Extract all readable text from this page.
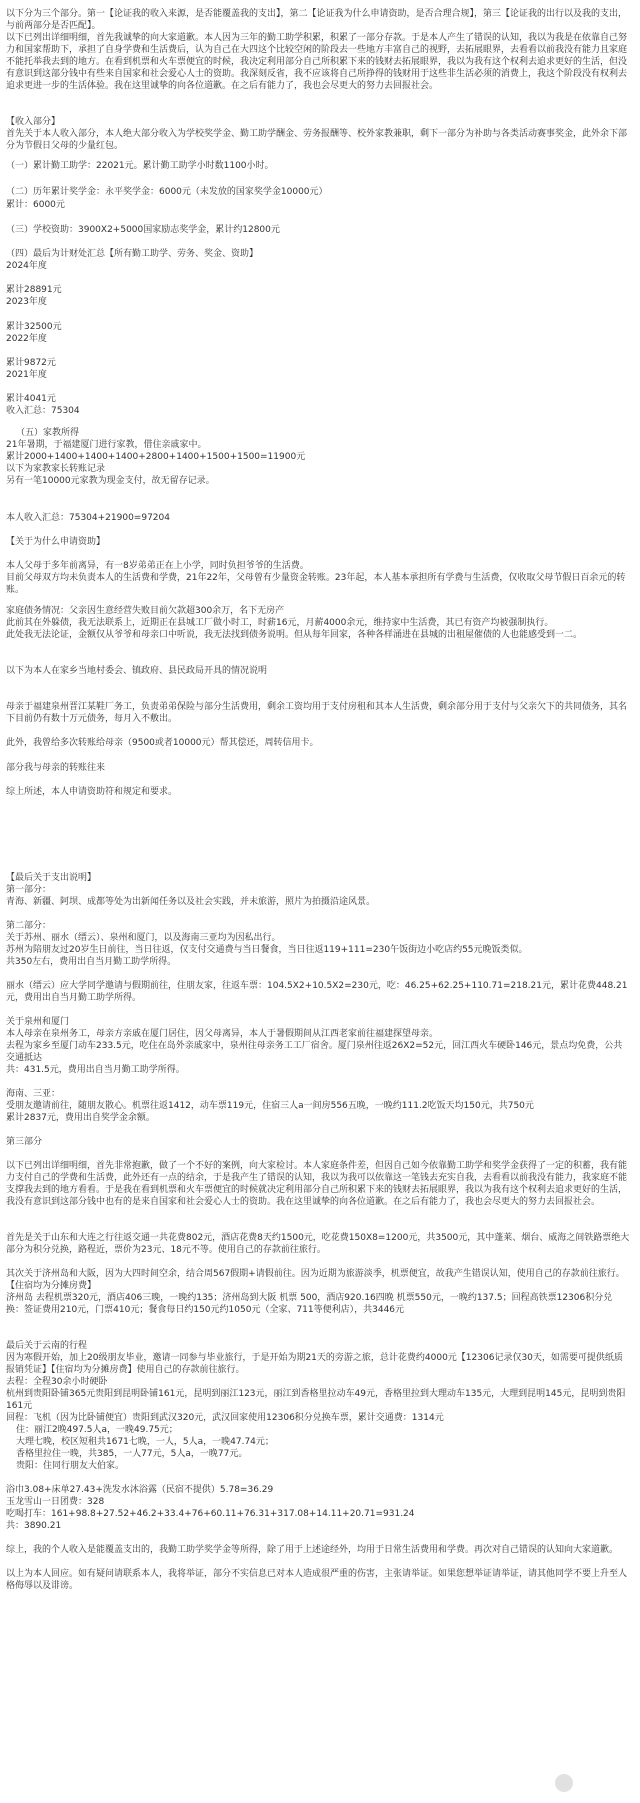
以下分为三个部分。第一【论证我的收入来源，是否能覆盖我的支出】，第二【论证我为什么申请资助，是否合理合规】，第三【论证我的出行以及我的支出，与前两部分是否匹配】。
以下已列出详细明细，首先我诚挚的向大家道歉。本人因为三年的勤工助学积累，积累了一部分存款。于是本人产生了错误的认知，我以为我是在依靠自己努力和国家帮助下，承担了自身学费和生活费后，认为自己在大四这个比较空闲的阶段去一些地方丰富自己的视野，去拓展眼界，去看看以前我没有能力且家庭不能托举我去到的地方。在看到机票和火车票便宜的时候，我决定利用部分自己所积累下来的钱财去拓展眼界，我以为我有这个权利去追求更好的生活，但没有意识到这部分钱中有些来自国家和社会爱心人士的资助。我深刻反省，我不应该将自己所挣得的钱财用于这些非生活必须的消费上，我这个阶段没有权利去追求更进一步的生活体验。我在这里诚挚的向各位道歉。在之后有能力了，我也会尽更大的努力去回报社会。
【收入部分】
首先关于本人收入部分，本人绝大部分收入为学校奖学金、勤工助学酬金、劳务报酬等、校外家教兼职，剩下一部分为补助与各类活动赛事奖金，此外余下部分为节假日父母的少量红包。
（一）累计勤工助学：22021元。累计勤工助学小时数1100小时。
（二）历年累计奖学金：永平奖学金：6000元（未发放的国家奖学金10000元）
累计：6000元
（三）学校资助：3900X2+5000国家励志奖学金，累计约12800元
（四）最后为计财处汇总【所有勤工助学、劳务、奖金、资助】
2024年度
累计28891元
2023年度
累计32500元
2022年度
累计9872元
2021年度
累计4041元
收入汇总：75304
（五）家教所得
21年暑期，于福建厦门进行家教，借住亲戚家中。
累计2000+1400+1400+1400+2800+1400+1500+1500=11900元
以下为家教家长转账记录
另有一笔10000元家教为现金支付，故无留存记录。
本人收入汇总：75304+21900=97204
【关于为什么申请资助】
本人父母于多年前离异，有一8岁弟弟正在上小学，同时负担爷爷的生活费。
目前父母双方均未负责本人的生活费和学费，21年22年，父母曾有少量资金转账。23年起，本人基本承担所有学费与生活费，仅收取父母节假日百余元的转账。
家庭债务情况：父亲因生意经营失败目前欠款超300余万，名下无房产
此前其在外躲债，我无法联系上，近期正在县城工厂做小时工，时薪16元，月薪4000余元，维持家中生活费，其已有资产均被强制执行。
此处我无法论证，金额仅从爷爷和母亲口中听说，我无法找到债务说明。但从每年回家，各种各样涌进在县城的出租屋催债的人也能感受到一二。
以下为本人在家乡当地村委会、镇政府、县民政局开具的情况说明
母亲于福建泉州晋江某鞋厂务工，负责弟弟保险与部分生活费用，剩余工资均用于支付房租和其本人生活费，剩余部分用于支付与父亲欠下的共同债务，其名下目前仍有数十万元债务，每月入不敷出。
此外，我曾给多次转账给母亲（9500或者10000元）帮其偿还，周转信用卡。
部分我与母亲的转账往来
综上所述，本人申请资助符和规定和要求。
【最后关于支出说明】
第一部分：
青海、新疆、阿坝、成都等处为出新闻任务以及社会实践，并未旅游，照片为拍摄沿途风景。
第二部分：
关于苏州、丽水（缙云）、泉州和厦门，以及海南三亚均为因私出行。
苏州为陪朋友过20岁生日前往，当日往返，仅支付交通费与当日餐食，当日往返119+111=230午饭街边小吃店约55元晚饭类似。
共350左右，费用出自当月勤工助学所得。
丽水（缙云）应大学同学邀请与假期前往，住朋友家，往返车票：104.5X2+10.5X2=230元，吃：46.25+62.25+110.71=218.21元，累计花费448.21元，费用出自当月勤工助学所得。
关于泉州和厦门
本人母亲在泉州务工，母亲方亲戚在厦门居住，因父母离异，本人于暑假期间从江西老家前往福建探望母亲。
去程为家乡至厦门动车233.5元，吃住在岛外亲戚家中，泉州往母亲务工工厂宿舍。厦门泉州往返26X2=52元，回江西火车硬卧146元，景点均免费，公共交通抵达
共：431.5元，费用出自当月勤工助学所得。
海南、三亚：
受朋友邀请前往，随朋友散心。机票往返1412，动车票119元，住宿三人a一间房556五晚，一晚约111.2吃饭天均150元，共750元
累计2837元，费用出自奖学金余额。
第三部分
以下已列出详细明细，首先非常抱歉，做了一个不好的案例，向大家检讨。本人家庭条件差，但因自己如今依靠勤工助学和奖学金获得了一定的积蓄，我有能力支付自己的学费和生活费，此外还有一点的结余，于是我产生了错误的认知，我以为我可以依靠这一笔钱去充实自我，去看看以前我没有能力，我家庭不能支撑我去到的地方看看。于是我在看到机票和火车票便宜的时候就决定利用部分自己所积累下来的钱财去拓展眼界，我以为我有这个权利去追求更好的生活，我没有意识到这部分钱中也有的是来自国家和社会爱心人士的资助。我在这里诚挚的向各位道歉。在之后有能力了，我也会尽更大的努力去回报社会。
首先是关于山东和大连之行往返交通一共花费802元，酒店花费8天约1500元，吃花费150X8=1200元，共3500元，其中蓬莱、烟台、威海之间铁路票绝大部分为积分兑换，路程近，票价为23元、18元不等。使用自己的存款前往旅行。
其次关于济州岛和大阪，因为大四时间空余，结合周567假期+请假前往。因为近期为旅游淡季，机票便宜，故我产生错误认知，使用自己的存款前往旅行。【住宿均为分摊房费】
济州岛 去程机票320元，酒店406三晚，一晚约135；济州岛到大阪 机票 500，酒店920.16四晚 机票550元，一晚约137.5；回程高铁票12306积分兑换：签证费用210元，门票410元；餐食每日约150元约1050元（全家、711等便利店），共3446元
最后关于云南的行程
因为寒假开始，加上20级朋友毕业，邀请一同参与毕业旅行，于是开始为期21天的旁游之旅，总计花费约4000元【12306记录仅30天，如需要可提供纸质报销凭证】【住宿均为分摊房费】使用自己的存款前往旅行。
去程：全程30余小时硬卧
杭州到贵阳卧铺365元贵阳到昆明卧铺161元，昆明到丽江123元，丽江到香格里拉动车49元，香格里拉到大理动车135元，大理到昆明145元，昆明到贵阳161元
回程：飞机（因为比卧铺便宜）贵阳到武汉320元，武汉回家使用12306积分兑换车票，累计交通费：1314元
住：丽江2晚497.5人a，一晚49.75元；
大理七晚，校区短租共1671七晚，一人，5人a，一晚47.74元；
香格里拉住一晚，共385，一人77元，5人a，一晚77元。
贵阳：住同行朋友大伯家。
浴巾3.08+床单27.43+洗发水沐浴露（民宿不提供）5.78=36.29
玉龙雪山一日团费：328
吃喝打车：161+98.8+27.52+46.2+33.4+76+60.11+76.31+317.08+14.11+20.71=931.24
共：3890.21
综上，我的个人收入是能覆盖支出的，我勤工助学奖学金等所得，除了用于上述途经外，均用于日常生活费用和学费。再次对自己错误的认知向大家道歉。
以上为本人回应。如有疑问请联系本人，我将举证，部分不实信息已对本人造成很严重的伤害，主张请举证。如果您想举证请举证，请其他同学不要上升至人格侮辱以及诽谤。
